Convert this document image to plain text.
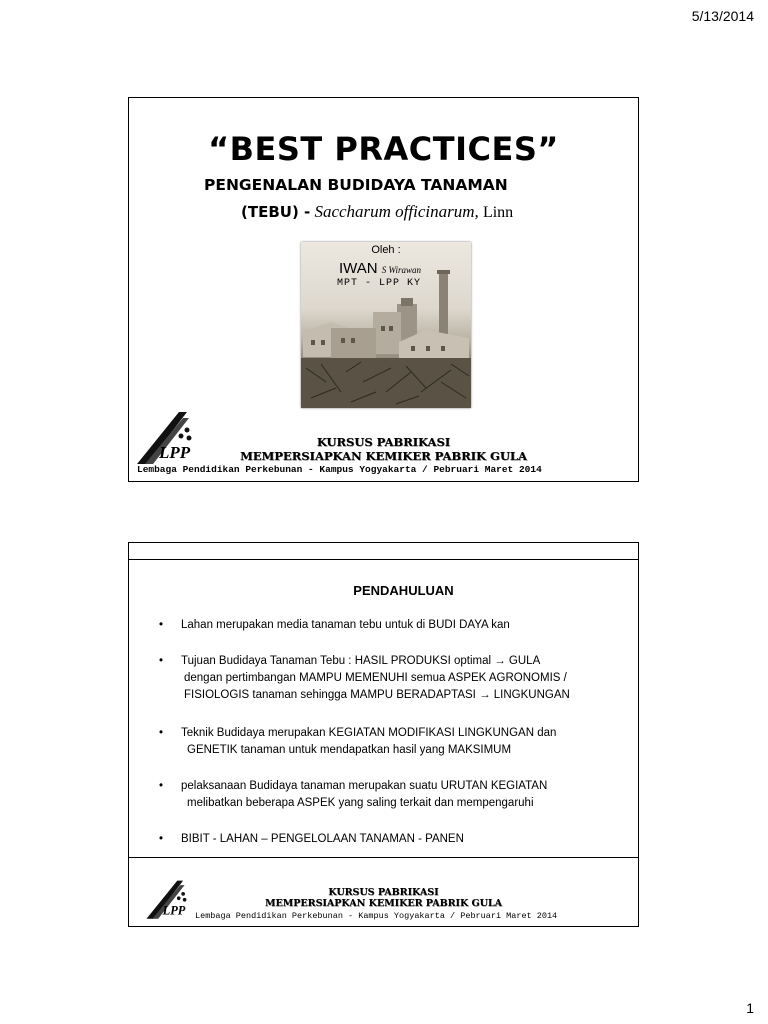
5/13/2014
“BEST PRACTICES”
PENGENALAN BUDIDAYA TANAMAN
(TEBU) - Saccharum officinarum, Linn
Oleh :
IWAN S Wirawan
MPT - LPP KY
LPP
KURSUS PABRIKASI
MEMPERSIAPKAN KEMIKER PABRIK GULA
Lembaga Pendidikan Perkebunan - Kampus Yogyakarta / Pebruari Maret 2014
PENDAHULUAN
• Lahan merupakan media tanaman tebu untuk di BUDI DAYA kan
• Tujuan Budidaya Tanaman Tebu : HASIL PRODUKSI optimal → GULA
dengan pertimbangan MAMPU MEMENUHI semua ASPEK AGRONOMIS /
FISIOLOGIS tanaman sehingga MAMPU BERADAPTASI → LINGKUNGAN
• Teknik Budidaya merupakan KEGIATAN MODIFIKASI LINGKUNGAN dan
GENETIK tanaman untuk mendapatkan hasil yang MAKSIMUM
• pelaksanaan Budidaya tanaman merupakan suatu URUTAN KEGIATAN
melibatkan beberapa ASPEK yang saling terkait dan mempengaruhi
• BIBIT - LAHAN – PENGELOLAAN TANAMAN - PANEN
LPP
KURSUS PABRIKASI
MEMPERSIAPKAN KEMIKER PABRIK GULA
Lembaga Pendidikan Perkebunan - Kampus Yogyakarta / Pebruari Maret 2014
1
